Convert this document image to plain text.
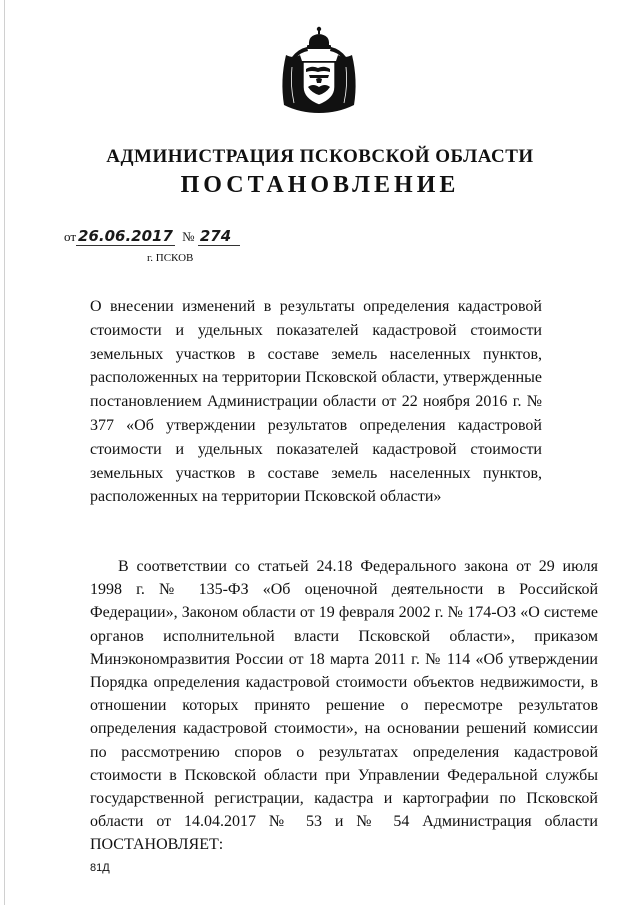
АДМИНИСТРАЦИЯ ПСКОВСКОЙ ОБЛАСТИ
ПОСТАНОВЛЕНИЕ
от 26.06.2017 № 274
г. ПСКОВ
О внесении изменений в результаты определения кадастровой стоимости и удельных показателей кадастровой стоимости земельных участков в составе земель населенных пунктов, расположенных на территории Псковской области, утвержденные постановлением Администрации области от 22 ноября 2016 г. № 377 «Об утверждении результатов определения кадастровой стоимости и удельных показателей кадастровой стоимости земельных участков в составе земель населенных пунктов, расположенных на территории Псковской области»

В соответствии со статьей 24.18 Федерального закона от 29 июля 1998 г. № 135-ФЗ «Об оценочной деятельности в Российской Федерации», Законом области от 19 февраля 2002 г. № 174-ОЗ «О системе органов исполнительной власти Псковской области», приказом Минэкономразвития России от 18 марта 2011 г. № 114 «Об утверждении Порядка определения кадастровой стоимости объектов недвижимости, в отношении которых принято решение о пересмотре результатов определения кадастровой стоимости», на основании решений комиссии по рассмотрению споров о результатах определения кадастровой стоимости в Псковской области при Управлении Федеральной службы государственной регистрации, кадастра и картографии по Псковской области от 14.04.2017 № 53 и № 54 Администрация области ПОСТАНОВЛЯЕТ:

81Д
